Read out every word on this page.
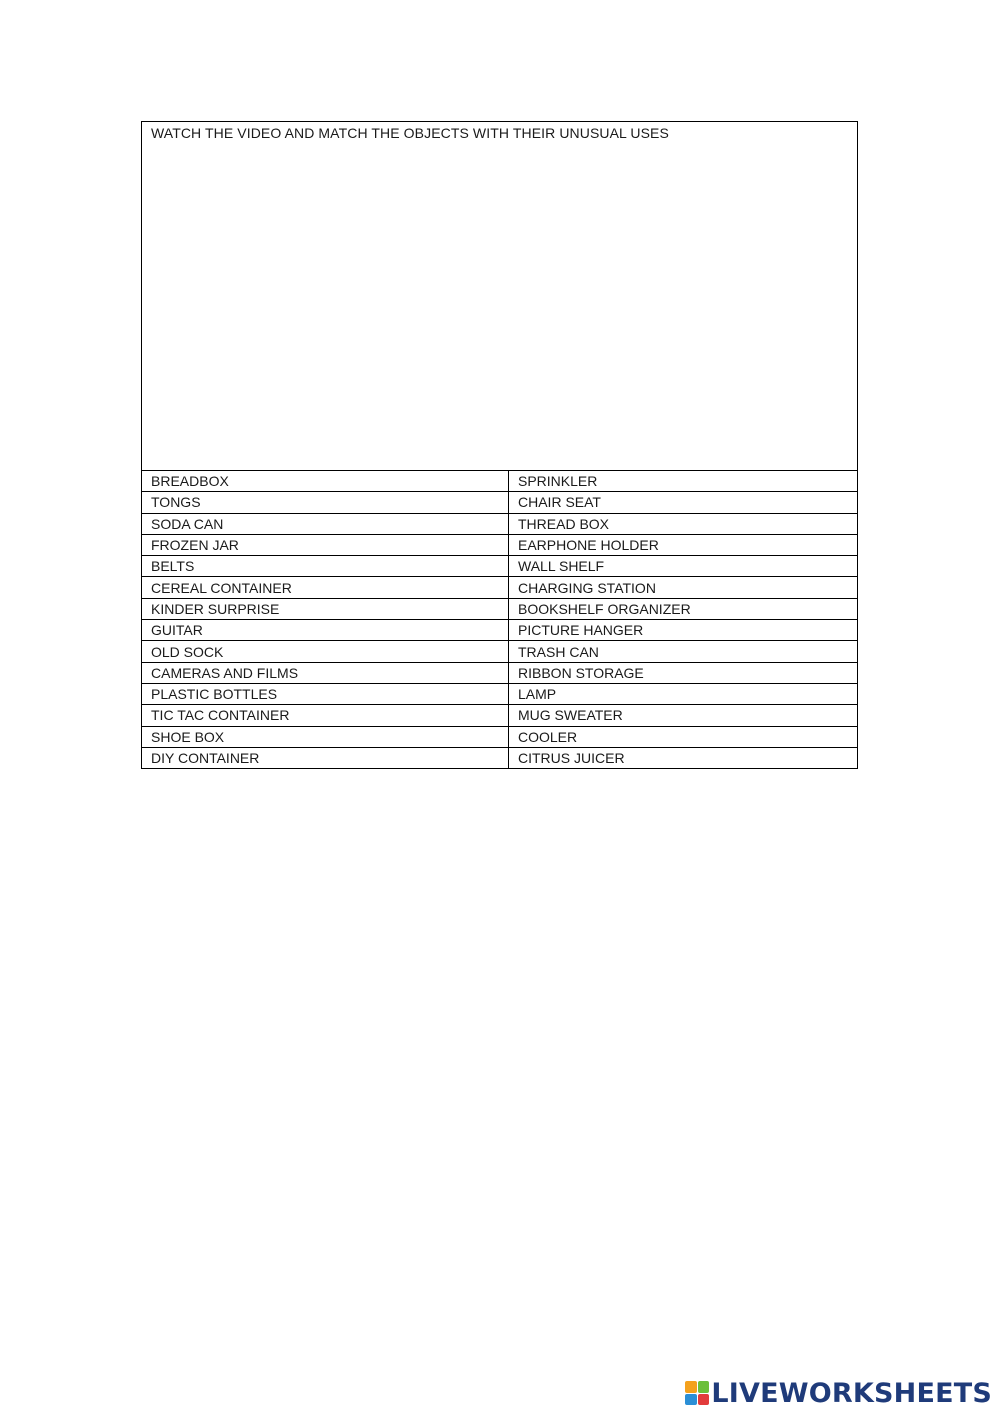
WATCH THE VIDEO AND MATCH THE OBJECTS WITH THEIR UNUSUAL USES
BREADBOX	SPRINKLER
TONGS	CHAIR SEAT
SODA CAN	THREAD BOX
FROZEN JAR	EARPHONE HOLDER
BELTS	WALL SHELF
CEREAL CONTAINER	CHARGING STATION
KINDER SURPRISE	BOOKSHELF ORGANIZER
GUITAR	PICTURE HANGER
OLD SOCK	TRASH CAN
CAMERAS AND FILMS	RIBBON STORAGE
PLASTIC BOTTLES	LAMP
TIC TAC CONTAINER	MUG SWEATER
SHOE BOX	COOLER
DIY CONTAINER	CITRUS JUICER
LIVEWORKSHEETS
